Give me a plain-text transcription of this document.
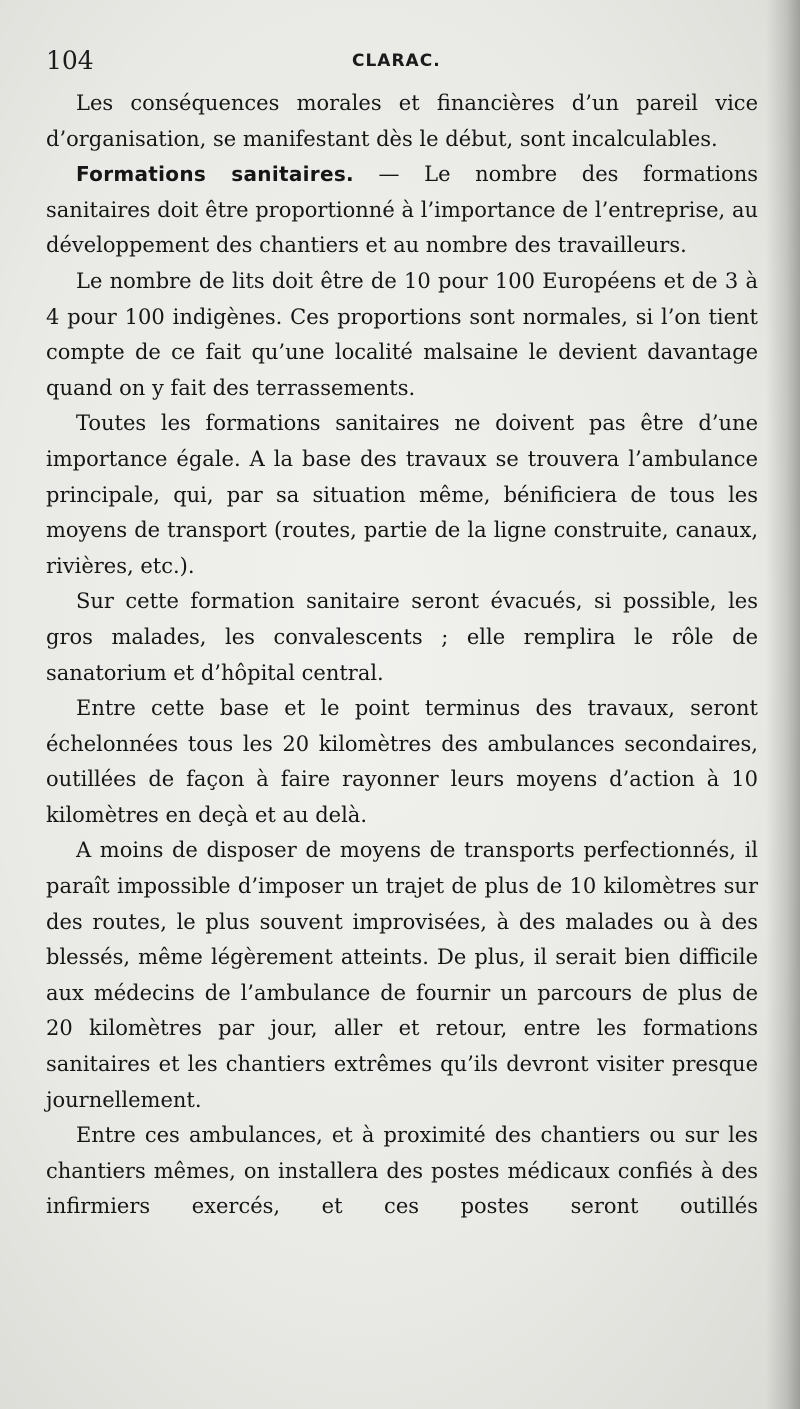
104	CLARAC.

Les conséquences morales et financières d’un pareil vice d’organisation, se manifestant dès le début, sont incalculables.

Formations sanitaires. — Le nombre des formations sanitaires doit être proportionné à l’importance de l’entreprise, au développement des chantiers et au nombre des travailleurs.

Le nombre de lits doit être de 10 pour 100 Européens et de 3 à 4 pour 100 indigènes. Ces proportions sont normales, si l’on tient compte de ce fait qu’une localité malsaine le devient davantage quand on y fait des terrassements.

Toutes les formations sanitaires ne doivent pas être d’une importance égale. A la base des travaux se trouvera l’ambulance principale, qui, par sa situation même, bénificiera de tous les moyens de transport (routes, partie de la ligne construite, canaux, rivières, etc.).

Sur cette formation sanitaire seront évacués, si possible, les gros malades, les convalescents ; elle remplira le rôle de sanatorium et d’hôpital central.

Entre cette base et le point terminus des travaux, seront échelonnées tous les 20 kilomètres des ambulances secondaires, outillées de façon à faire rayonner leurs moyens d’action à 10 kilomètres en deçà et au delà.

A moins de disposer de moyens de transports perfectionnés, il paraît impossible d’imposer un trajet de plus de 10 kilomètres sur des routes, le plus souvent improvisées, à des malades ou à des blessés, même légèrement atteints. De plus, il serait bien difficile aux médecins de l’ambulance de fournir un parcours de plus de 20 kilomètres par jour, aller et retour, entre les formations sanitaires et les chantiers extrêmes qu’ils devront visiter presque journellement.

Entre ces ambulances, et à proximité des chantiers ou sur les chantiers mêmes, on installera des postes médicaux confiés à des infirmiers exercés, et ces postes seront outillés
